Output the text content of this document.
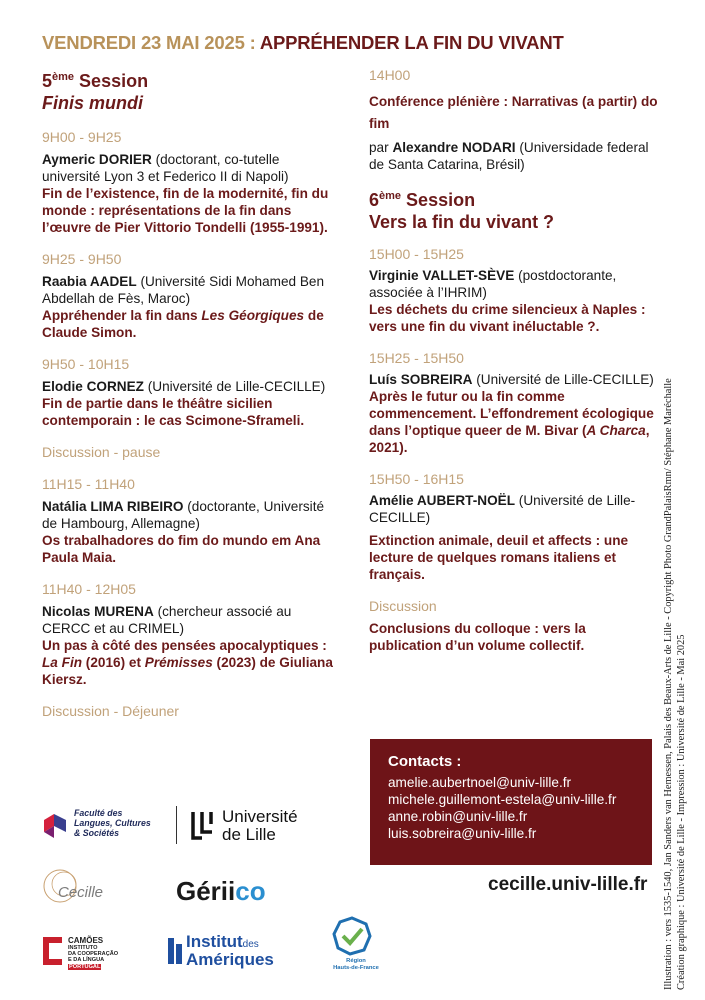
VENDREDI 23 MAI 2025 : APPRÉHENDER LA FIN DU VIVANT
5ème Session
Finis mundi
9H00 - 9H25
Aymeric DORIER (doctorant, co-tutelle université Lyon 3 et Federico II di Napoli)
Fin de l’existence, fin de la modernité, fin du monde : représentations de la fin dans l’œuvre de Pier Vittorio Tondelli (1955-1991).
9H25 - 9H50
Raabia AADEL (Université Sidi Mohamed Ben Abdellah de Fès, Maroc)
Appréhender la fin dans Les Géorgiques de Claude Simon.
9H50 - 10H15
Elodie CORNEZ (Université de Lille-CECILLE)
Fin de partie dans le théâtre sicilien contemporain : le cas Scimone-Sframeli.
Discussion - pause
11H15 - 11H40
Natália LIMA RIBEIRO (doctorante, Université de Hambourg, Allemagne)
Os trabalhadores do fim do mundo em Ana Paula Maia.
11H40 - 12H05
Nicolas MURENA (chercheur associé au CERCC et au CRIMEL)
Un pas à côté des pensées apocalyptiques : La Fin (2016) et Prémisses (2023) de Giuliana Kiersz.
Discussion - Déjeuner
14H00
Conférence plénière : Narrativas (a partir) do fim
par Alexandre NODARI (Universidade federal de Santa Catarina, Brésil)
6ème Session
Vers la fin du vivant ?
15H00 - 15H25
Virginie VALLET-SÈVE (postdoctorante, associée à l’IHRIM)
Les déchets du crime silencieux à Naples : vers une fin du vivant inéluctable ?.
15H25 - 15H50
Luís SOBREIRA (Université de Lille-CECILLE)
Après le futur ou la fin comme commencement. L’effondrement écologique dans l’optique queer de M. Bivar (A Charca, 2021).
15H50 - 16H15
Amélie AUBERT-NOËL (Université de Lille-CECILLE)
Extinction animale, deuil et affects : une lecture de quelques romans italiens et français.
Discussion
Conclusions du colloque : vers la publication d’un volume collectif.
Contacts :
amelie.aubertnoel@univ-lille.fr
michele.guillemont-estela@univ-lille.fr
anne.robin@univ-lille.fr
luis.sobreira@univ-lille.fr
cecille.univ-lille.fr Illustration : vers 1535-1540, Jan Sanders van Hemessen, Palais des Beaux-Arts de Lille - Copyright Photo GrandPalaisRmn/ Stéphane Maréchalle Création graphique : Université de Lille - Impression : Université de Lille - Mai 2025
Faculté des
Langues, Cultures
& Sociétés
Université
de Lille
Cecille	Gériico
CAMÕES
INSTITUTO
DA COOPERAÇÃO
E DA LÍNGUA
PORTUGAL
Institutdes
Amériques	Région
Hauts-de-France
